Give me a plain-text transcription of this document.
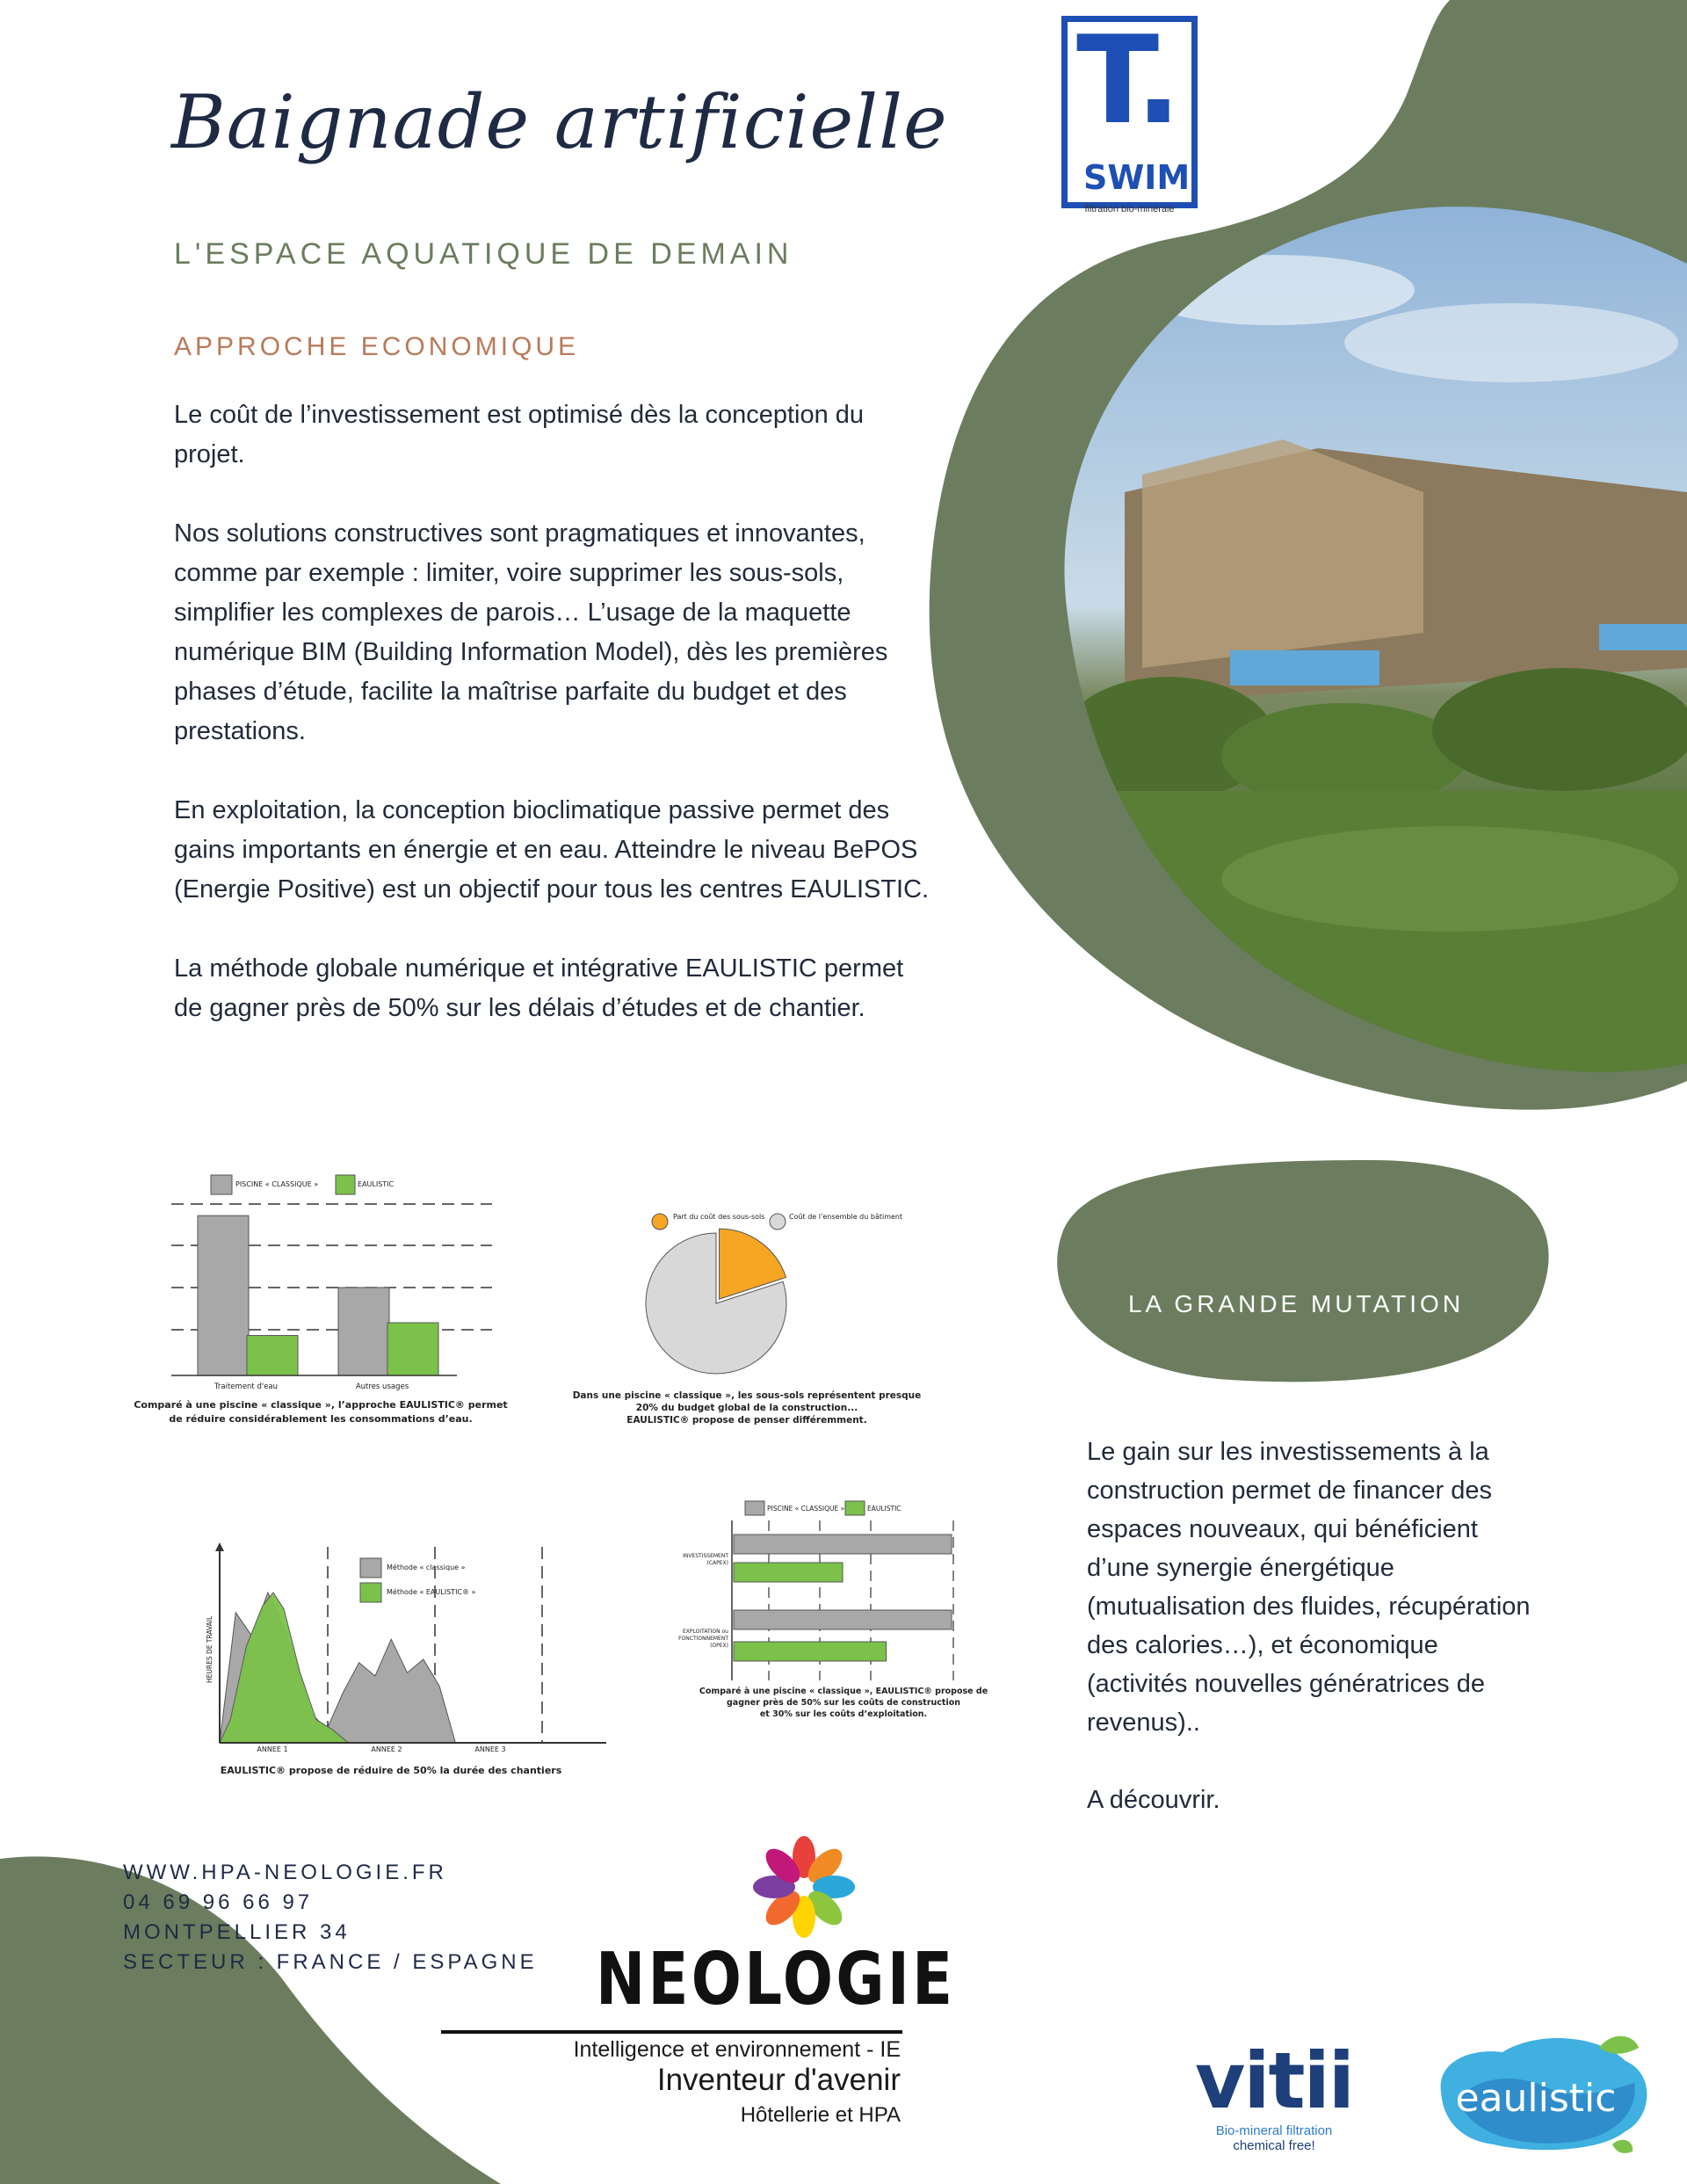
Baignade artificielle
L'ESPACE AQUATIQUE DE DEMAIN
APPROCHE ECONOMIQUE
T.
SWIM
filtration bio-minérale

Le coût de l’investissement est optimisé dès la conception du projet.

Nos solutions constructives sont pragmatiques et innovantes, comme par exemple : limiter, voire supprimer les sous-sols, simplifier les complexes de parois… L’usage de la maquette numérique BIM (Building Information Model), dès les premières phases d’étude, facilite la maîtrise parfaite du budget et des prestations.

En exploitation, la conception bioclimatique passive permet des gains importants en énergie et en eau. Atteindre le niveau BePOS (Energie Positive) est un objectif pour tous les centres EAULISTIC.

La méthode globale numérique et intégrative EAULISTIC permet de gagner près de 50% sur les délais d’études et de chantier.

PISCINE « CLASSIQUE »	EAULISTIC
Traitement d'eau	Autres usages
Comparé à une piscine « classique », l’approche EAULISTIC® permet
de réduire considérablement les consommations d’eau.
Part du coût des sous-sols	Coût de l’ensemble du bâtiment
Dans une piscine « classique », les sous-sols représentent presque
20% du budget global de la construction...
EAULISTIC® propose de penser différemment.
Méthode « classique »
Méthode « EAULISTIC® »
HEURES DE TRAVAIL
ANNEE 1	ANNEE 2	ANNEE 3
EAULISTIC® propose de réduire de 50% la durée des chantiers
PISCINE « CLASSIQUE »	EAULISTIC
INVESTISSEMENT
(CAPEX)
EXPLOITATION ou
FONCTIONNEMENT
(OPEX)
Comparé à une piscine « classique », EAULISTIC® propose de
gagner près de 50% sur les coûts de construction
et 30% sur les coûts d’exploitation.
LA GRANDE MUTATION

Le gain sur les investissements à la construction permet de financer des espaces nouveaux, qui bénéficient d’une synergie énergétique (mutualisation des fluides, récupération des calories…), et économique (activités nouvelles génératrices de revenus)..

A découvrir.

WWW.HPA-NEOLOGIE.FR
04 69 96 66 97
MONTPELLIER 34
SECTEUR : FRANCE / ESPAGNE NEOLOGIE
Intelligence et environnement - IE
Inventeur d'avenir
Hôtellerie et HPA	vitii
Bio-mineral filtration
chemical free!
eaulistic
